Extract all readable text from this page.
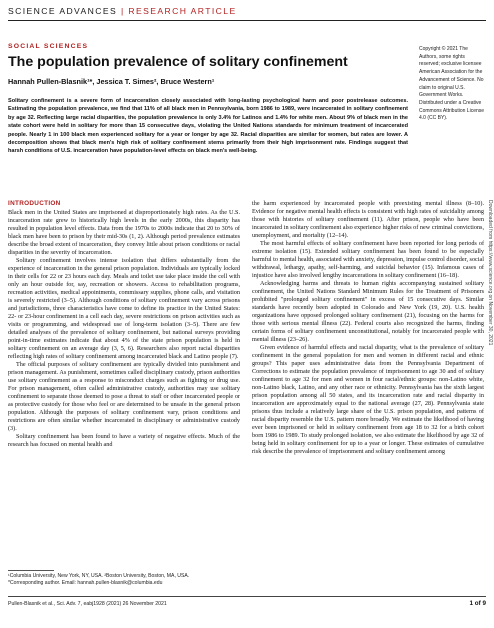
SCIENCE ADVANCES | RESEARCH ARTICLE
SOCIAL SCIENCES
The population prevalence of solitary confinement
Hannah Pullen-Blasnik¹*, Jessica T. Simes², Bruce Western¹
Solitary confinement is a severe form of incarceration closely associated with long-lasting psychological harm and poor postrelease outcomes. Estimating the population prevalence, we find that 11% of all black men in Pennsylvania, born 1986 to 1989, were incarcerated in solitary confinement by age 32. Reflecting large racial disparities, the population prevalence is only 3.4% for Latinos and 1.4% for white men. About 9% of black men in the state cohort were held in solitary for more than 15 consecutive days, violating the United Nations standards for minimum treatment of incarcerated people. Nearly 1 in 100 black men experienced solitary for a year or longer by age 32. Racial disparities are similar for women, but rates are lower. A decomposition shows that black men's high risk of solitary confinement stems primarily from their high imprisonment rate. Findings suggest that harsh conditions of U.S. incarceration have population-level effects on black men's well-being.
Copyright © 2021 The Authors, some rights reserved; exclusive licensee American Association for the Advancement of Science. No claim to original U.S. Government Works. Distributed under a Creative Commons Attribution License 4.0 (CC BY).
INTRODUCTION

Black men in the United States are imprisoned at disproportionately high rates. As the U.S. incarceration rate grew to historically high levels in the early 2000s, this disparity has resulted in population level effects. Data from the 1970s to 2000s indicate that 20 to 30% of black men have been to prison by their mid-30s (1, 2). Although period prevalence estimates describe the broad extent of incarceration, they convey little about prison conditions or racial disparities in the severity of incarceration.

Solitary confinement involves intense isolation that differs substantially from the experience of incarceration in the general prison population. Individuals are typically locked in their cells for 22 or 23 hours each day. Meals and toilet use take place inside the cell with only an hour outside for, say, recreation or showers. Access to rehabilitation programs, recreation activities, medical appointments, commissary supplies, phone calls, and visitation is severely restricted (3–5). Although conditions of solitary confinement vary across prisons and jurisdictions, three characteristics have come to define its practice in the United States: 22- or 23-hour confinement in a cell each day, severe restrictions on prison activities such as visits or programming, and widespread use of long-term isolation (3–5). There are few detailed analyses of the prevalence of solitary confinement, but national surveys providing point-in-time estimates indicate that about 4% of the state prison population is held in solitary confinement on an average day (3, 5, 6). Researchers also report racial disparities reflecting high rates of solitary confinement among incarcerated black and Latino people (7).

The official purposes of solitary confinement are typically divided into punishment and prison management. As punishment, sometimes called disciplinary custody, prison authorities use solitary confinement as a response to misconduct charges such as fighting or drug use. For prison management, often called administrative custody, authorities may use solitary confinement to separate those deemed to pose a threat to staff or other incarcerated people or as protective custody for those who feel or are determined to be unsafe in the general prison population. Although the purposes of solitary confinement vary, prison conditions and restrictions are often similar whether incarcerated in disciplinary or administrative custody (3).

Solitary confinement has been found to have a variety of negative effects. Much of the research has focused on mental health and

the harm experienced by incarcerated people with preexisting mental illness (8–10). Evidence for negative mental health effects is consistent with high rates of suicidality among those with histories of solitary confinement (11). After prison, people who have been incarcerated in solitary confinement also experience higher risks of new criminal convictions, unemployment, and mortality (12–14).

The most harmful effects of solitary confinement have been reported for long periods of extreme isolation (15). Extended solitary confinement has been found to be especially harmful to mental health, associated with anxiety, depression, impulse control disorder, social withdrawal, lethargy, apathy, self-harming, and suicidal behavior (15). Infamous cases of injustice have also involved lengthy incarcerations in solitary confinement (16–18).

Acknowledging harms and threats to human rights accompanying sustained solitary confinement, the United Nations Standard Minimum Rules for the Treatment of Prisoners prohibited "prolonged solitary confinement" in excess of 15 consecutive days. Similar standards have recently been adopted in Colorado and New York (19, 20). U.S. health organizations have opposed prolonged solitary confinement (21), focusing on the harms for those with serious mental illness (22). Federal courts also recognized the harms, finding certain forms of solitary confinement unconstitutional, notably for incarcerated people with mental illness (23–26).

Given evidence of harmful effects and racial disparity, what is the prevalence of solitary confinement in the general population for men and women in different racial and ethnic groups? This paper uses administrative data from the Pennsylvania Department of Corrections to estimate the population prevalence of imprisonment to age 30 and of solitary confinement to age 32 for men and women in four racial/ethnic groups: non-Latino white, non-Latino black, Latino, and any other race or ethnicity. Pennsylvania has the sixth largest prison population among all 50 states, and its incarceration rate and racial disparity in incarceration are approximately equal to the national average (27, 28). Pennsylvania state prisons thus include a relatively large share of the U.S. prison population, and patterns of racial disparity resemble the U.S. pattern more broadly. We estimate the likelihood of having ever been imprisoned or held in solitary confinement from age 18 to 32 for a birth cohort born 1986 to 1989. To study prolonged isolation, we also estimate the likelihood by age 32 of being held in solitary confinement for up to a year or longer. These estimates of cumulative risk describe the prevalence of imprisonment and solitary confinement among

¹Columbia University, New York, NY, USA. ²Boston University, Boston, MA, USA.
*Corresponding author. Email: hannah.pullen-blasnik@columbia.edu
Pullen-Blasnik et al., Sci. Adv. 7, eabj1928 (2021) 26 November 2021	1 of 9
Downloaded from https://www.science.org on November 30, 2021
